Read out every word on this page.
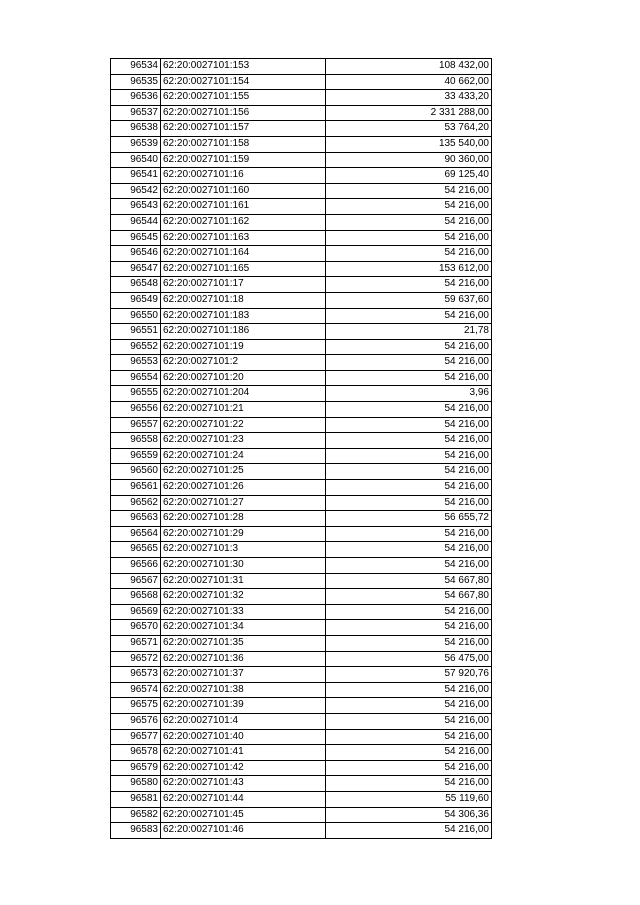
96534	62:20:0027101:153	108 432,00
96535	62:20:0027101:154	40 662,00
96536	62:20:0027101:155	33 433,20
96537	62:20:0027101:156	2 331 288,00
96538	62:20:0027101:157	53 764,20
96539	62:20:0027101:158	135 540,00
96540	62:20:0027101:159	90 360,00
96541	62:20:0027101:16	69 125,40
96542	62:20:0027101:160	54 216,00
96543	62:20:0027101:161	54 216,00
96544	62:20:0027101:162	54 216,00
96545	62:20:0027101:163	54 216,00
96546	62:20:0027101:164	54 216,00
96547	62:20:0027101:165	153 612,00
96548	62:20:0027101:17	54 216,00
96549	62:20:0027101:18	59 637,60
96550	62:20:0027101:183	54 216,00
96551	62:20:0027101:186	21,78
96552	62:20:0027101:19	54 216,00
96553	62:20:0027101:2	54 216,00
96554	62:20:0027101:20	54 216,00
96555	62:20:0027101:204	3,96
96556	62:20:0027101:21	54 216,00
96557	62:20:0027101:22	54 216,00
96558	62:20:0027101:23	54 216,00
96559	62:20:0027101:24	54 216,00
96560	62:20:0027101:25	54 216,00
96561	62:20:0027101:26	54 216,00
96562	62:20:0027101:27	54 216,00
96563	62:20:0027101:28	56 655,72
96564	62:20:0027101:29	54 216,00
96565	62:20:0027101:3	54 216,00
96566	62:20:0027101:30	54 216,00
96567	62:20:0027101:31	54 667,80
96568	62:20:0027101:32	54 667,80
96569	62:20:0027101:33	54 216,00
96570	62:20:0027101:34	54 216,00
96571	62:20:0027101:35	54 216,00
96572	62:20:0027101:36	56 475,00
96573	62:20:0027101:37	57 920,76
96574	62:20:0027101:38	54 216,00
96575	62:20:0027101:39	54 216,00
96576	62:20:0027101:4	54 216,00
96577	62:20:0027101:40	54 216,00
96578	62:20:0027101:41	54 216,00
96579	62:20:0027101:42	54 216,00
96580	62:20:0027101:43	54 216,00
96581	62:20:0027101:44	55 119,60
96582	62:20:0027101:45	54 306,36
96583	62:20:0027101:46	54 216,00
